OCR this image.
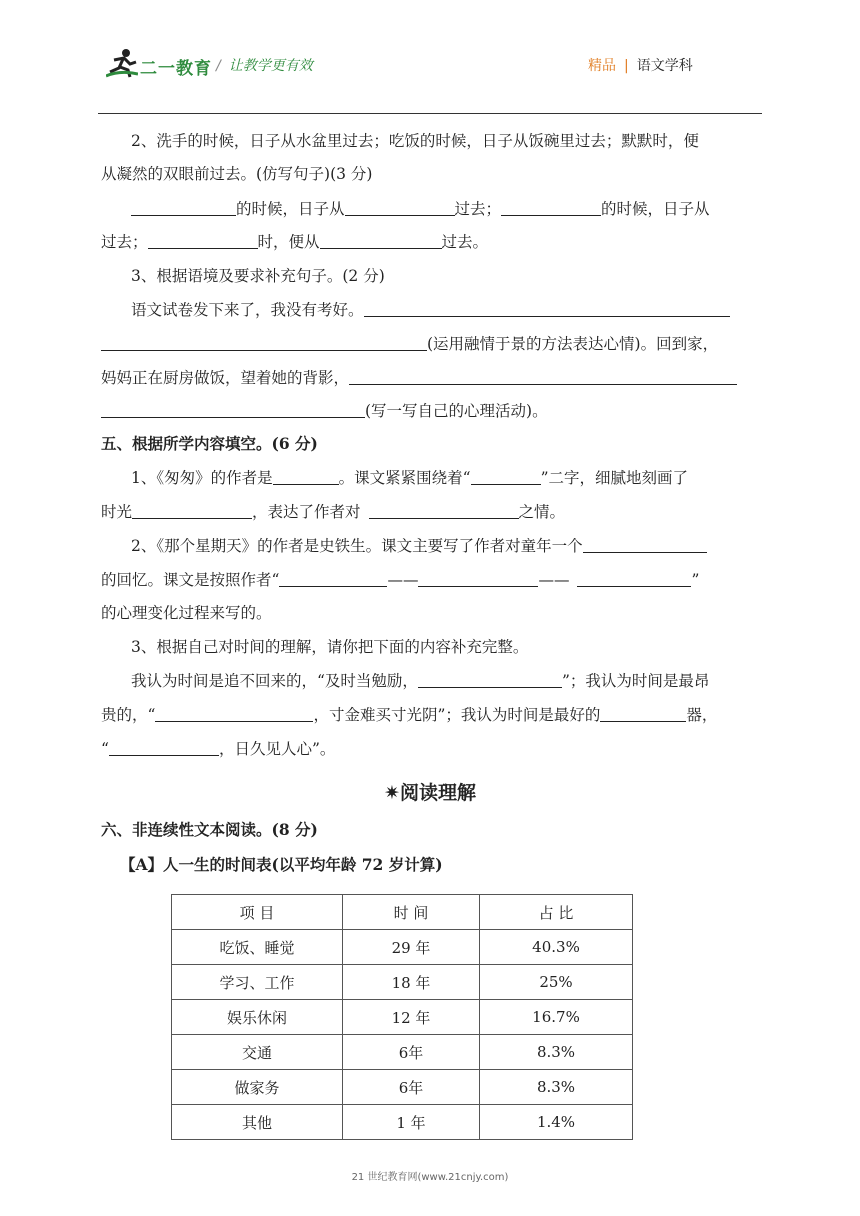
二一教育 / 让教学更有效	精品 | 语文学科
2、洗手的时候，日子从水盆里过去；吃饭的时候，日子从饭碗里过去；默默时，便
从凝然的双眼前过去。(仿写句子)(3 分)
的时候，日子从	过去；	的时候，日子从
过去；	时，便从	过去。
3、根据语境及要求补充句子。(2 分)
语文试卷发下来了，我没有考好。
(运用融情于景的方法表达心情)。回到家，
妈妈正在厨房做饭，望着她的背影，
(写一写自己的心理活动)。
五、根据所学内容填空。(6 分)
1、《匆匆》的作者是	。课文紧紧围绕着“	”二字，细腻地刻画了
时光	，表达了作者对	之情。
2、《那个星期天》的作者是史铁生。课文主要写了作者对童年一个
的回忆。课文是按照作者“	——	——	”
的心理变化过程来写的。
3、根据自己对时间的理解，请你把下面的内容补充完整。
我认为时间是追不回来的，“及时当勉励，	”；我认为时间是最昂
贵的，“	，寸金难买寸光阴”；我认为时间是最好的	器，
“	，日久见人心”。
✷阅读理解
六、非连续性文本阅读。(8 分)
【A】人一生的时间表(以平均年龄 72 岁计算)
项 目	时 间	占 比
吃饭、睡觉	29 年	40.3%
学习、工作	18 年	25%
娱乐休闲	12 年	16.7%
交通	6年	8.3%
做家务	6年	8.3%
其他	1 年	1.4%
21 世纪教育网(www.21cnjy.com)
